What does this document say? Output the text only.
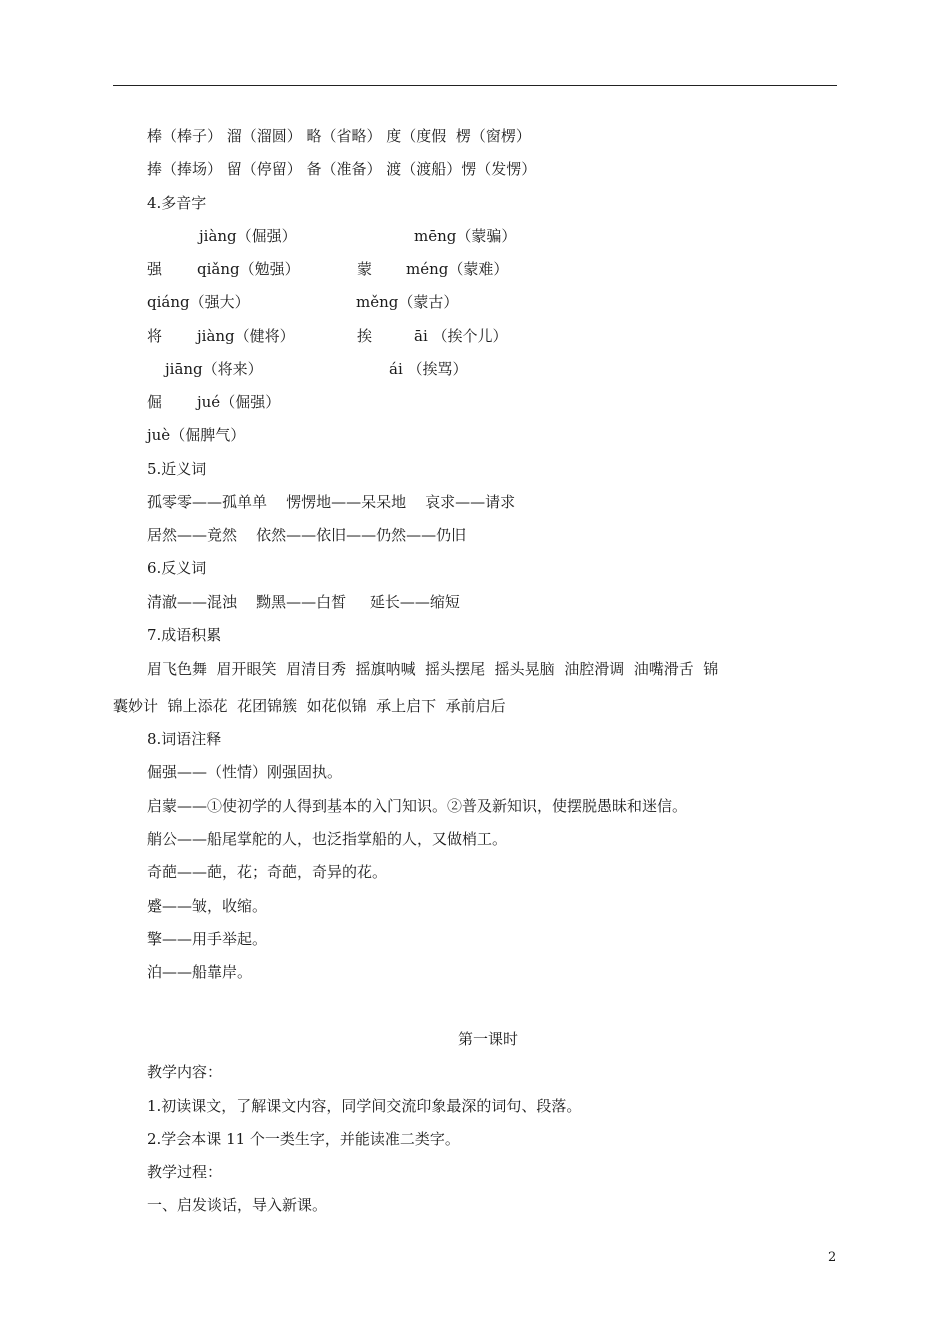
棒（棒子） 溜（溜圆） 略（省略） 度（度假  楞（窗楞）
捧（捧场） 留（停留） 备（准备） 渡（渡船）愣（发愣）
4.多音字
jiàng（倔强）	mēng（蒙骗）
强 qiǎng（勉强）	蒙 méng（蒙难）
qiáng（强大）	měng（蒙古）
将 jiàng（健将）	挨	āi （挨个儿）
jiāng（将来）	ái （挨骂）
倔 jué（倔强）
juè（倔脾气）
5.近义词
孤零零——孤单单    愣愣地——呆呆地    哀求——请求
居然——竟然    依然——依旧——仍然——仍旧
6.反义词
清澈——混浊    黝黑——白皙     延长——缩短
7.成语积累
眉飞色舞  眉开眼笑  眉清目秀  摇旗呐喊  摇头摆尾  摇头晃脑  油腔滑调  油嘴滑舌  锦
囊妙计  锦上添花  花团锦簇  如花似锦  承上启下  承前启后
8.词语注释
倔强——（性情）刚强固执。
启蒙——①使初学的人得到基本的入门知识。②普及新知识，使摆脱愚昧和迷信。
艄公——船尾掌舵的人，也泛指掌船的人，又做梢工。
奇葩——葩，花；奇葩，奇异的花。
蹙——皱，收缩。
擎——用手举起。
泊——船靠岸。
第一课时
教学内容：
1.初读课文，了解课文内容，同学间交流印象最深的词句、段落。
2.学会本课 11 个一类生字，并能读准二类字。
教学过程：
一、启发谈话，导入新课。
2
